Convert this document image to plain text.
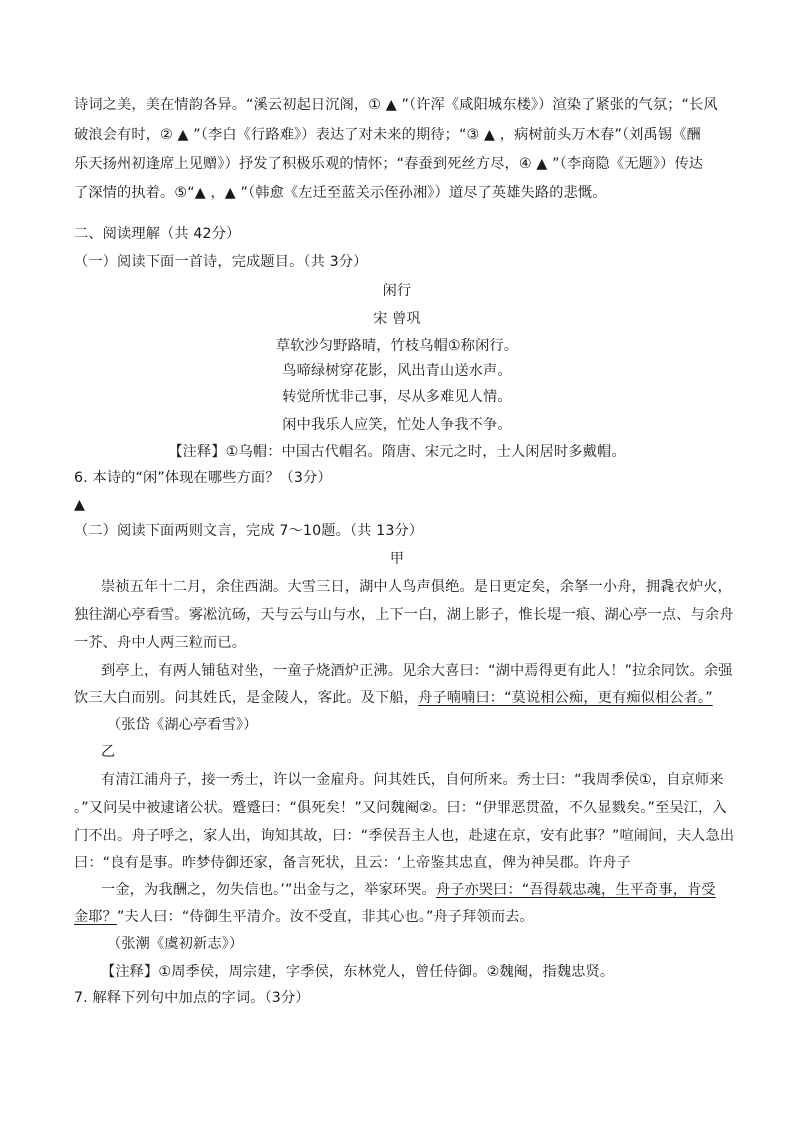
诗词之美，美在情韵各异。“溪云初起日沉阁，① ▲ ”（许浑《咸阳城东楼》）渲染了紧张的气氛；“长风
破浪会有时，② ▲ ”（李白《行路难》）表达了对未来的期待；“③ ▲ ，病树前头万木春”（刘禹锡《酬
乐天扬州初逢席上见赠》）抒发了积极乐观的情怀；“春蚕到死丝方尽，④ ▲ ”（李商隐《无题》）传达
了深情的执着。⑤“▲ ，▲ ”（韩愈《左迁至蓝关示侄孙湘》）道尽了英雄失路的悲慨。
二、阅读理解（共 42分）
（一）阅读下面一首诗，完成题目。（共 3分）
闲行
宋 曾巩
草软沙匀野路晴，竹枝乌帽①称闲行。
鸟啼绿树穿花影，风出青山送水声。
转觉所忧非己事，尽从多难见人情。
闲中我乐人应笑，忙处人争我不争。
【注释】①乌帽：中国古代帽名。隋唐、宋元之时，士人闲居时多戴帽。
6. 本诗的“闲”体现在哪些方面？（3分）
▲
（二）阅读下面两则文言，完成 7～10题。（共 13分）
甲
崇祯五年十二月，余住西湖。大雪三日，湖中人鸟声俱绝。是日更定矣，余拏一小舟，拥毳衣炉火，
独往湖心亭看雪。雾凇沆砀，天与云与山与水，上下一白，湖上影子，惟长堤一痕、湖心亭一点、与余舟
一芥、舟中人两三粒而已。
到亭上，有两人铺毡对坐，一童子烧酒炉正沸。见余大喜曰：“湖中焉得更有此人！”拉余同饮。余强
饮三大白而别。问其姓氏，是金陵人，客此。及下船，舟子喃喃曰：“莫说相公痴，更有痴似相公者。”
（张岱《湖心亭看雪》）
乙
有清江浦舟子，接一秀士，许以一金雇舟。问其姓氏，自何所来。秀士曰：“我周季侯①，自京师来
。”又问吴中被逮诸公状。蹙蹙曰：“俱死矣！”又问魏阉②。曰：“伊罪恶贯盈，不久显戮矣。”至吴江，入
门不出。舟子呼之，家人出，询知其故，曰：“季侯吾主人也，赴逮在京，安有此事？”喧闹间，夫人急出
曰：“良有是事。昨梦侍御还家，备言死状，且云：‘上帝鉴其忠直，俾为神吴郡。许舟子
一金，为我酬之，勿失信也。’”出金与之，举家环哭。舟子亦哭曰：“吾得载忠魂，生平奇事，肯受
金耶？”夫人曰：“侍御生平清介。汝不受直，非其心也。”舟子拜领而去。
（张潮《虞初新志》）
【注释】①周季侯，周宗建，字季侯，东林党人，曾任侍御。②魏阉，指魏忠贤。
7. 解释下列句中加点的字词。（3分）
